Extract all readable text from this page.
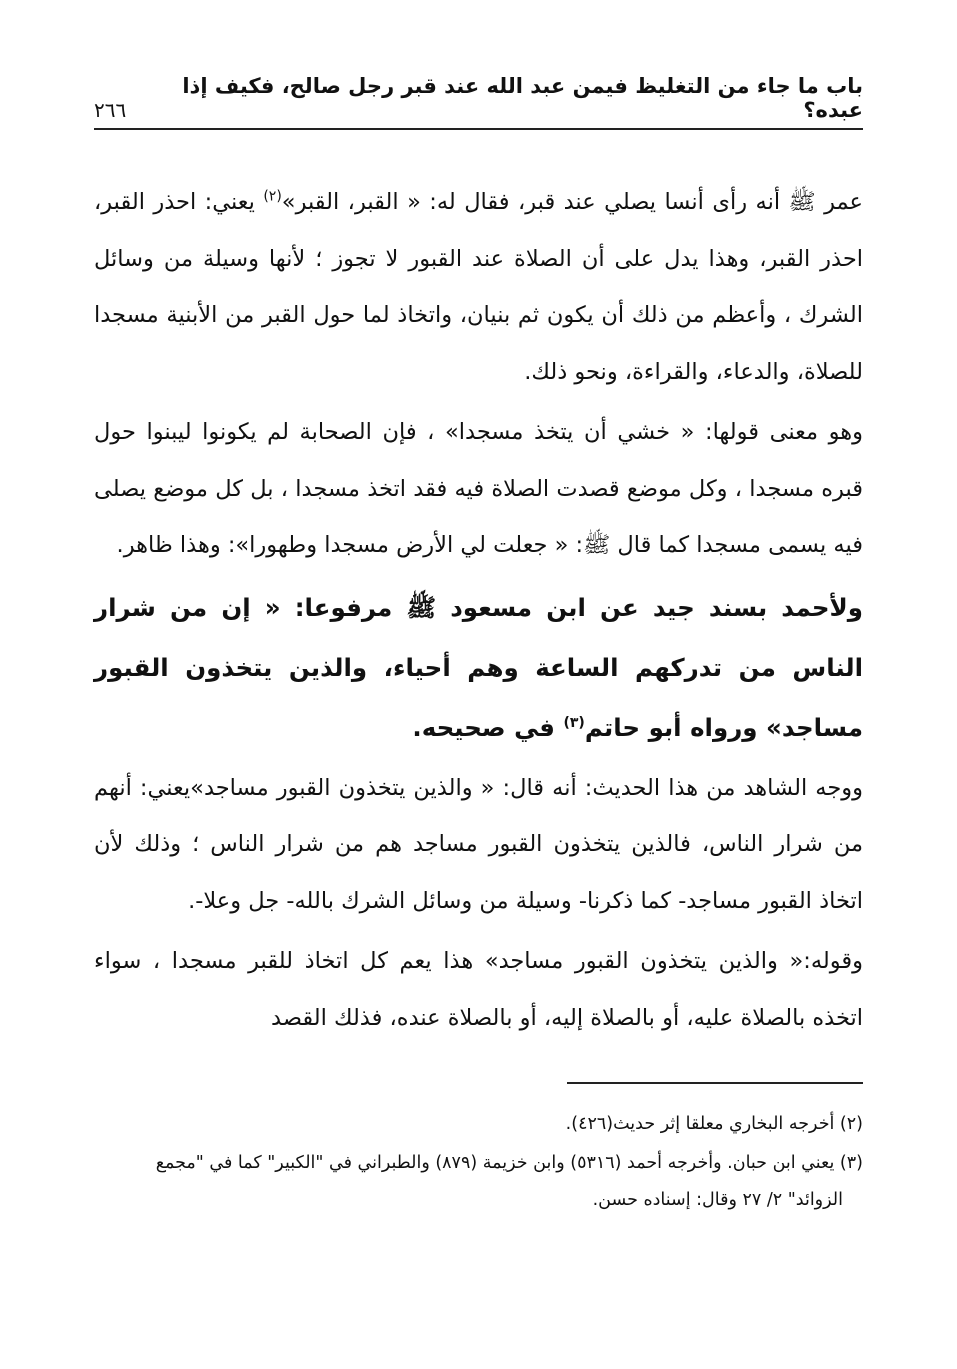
باب ما جاء من التغليظ فيمن عبد الله عند قبر رجل صالح، فكيف إذا عبده؟
٢٦٦

عمر ﷺ أنه رأى أنسا يصلي عند قبر، فقال له: « القبر، القبر»$^{(٢)}$ يعني: احذر القبر، احذر القبر، وهذا يدل على أن الصلاة عند القبور لا تجوز ؛ لأنها وسيلة من وسائل الشرك ، وأعظم من ذلك أن يكون ثم بنيان، واتخاذ لما حول القبر من الأبنية مسجدا للصلاة، والدعاء، والقراءة، ونحو ذلك.

وهو معنى قولها: « خشي أن يتخذ مسجدا» ، فإن الصحابة لم يكونوا ليبنوا حول قبره مسجدا ، وكل موضع قصدت الصلاة فيه فقد اتخذ مسجدا ، بل كل موضع يصلى فيه يسمى مسجدا كما قال ﷺ: « جعلت لي الأرض مسجدا وطهورا»: وهذا ظاهر.

ولأحمد بسند جيد عن ابن مسعود ﷺ مرفوعا: « إن من شرار الناس من تدركهم الساعة وهم أحياء، والذين يتخذون القبور مساجد» ورواه أبو حاتم$^{(٣)}$ في صحيحه.

ووجه الشاهد من هذا الحديث: أنه قال: « والذين يتخذون القبور مساجد»يعني: أنهم من شرار الناس، فالذين يتخذون القبور مساجد هم من شرار الناس ؛ وذلك لأن اتخاذ القبور مساجد- كما ذكرنا- وسيلة من وسائل الشرك بالله- جل وعلا-.

وقوله:« والذين يتخذون القبور مساجد» هذا يعم كل اتخاذ للقبر مسجدا ، سواء اتخذه بالصلاة عليه، أو بالصلاة إليه، أو بالصلاة عنده، فذلك القصد

(٢) أخرجه البخاري معلقا إثر حديث(٤٢٦).
(٣) يعني ابن حبان. وأخرجه أحمد (٥٣١٦) وابن خزيمة (٨٧٩) والطبراني في "الكبير" كما في "مجمع
الزوائد" ٢/ ٢٧ وقال: إسناده حسن.
